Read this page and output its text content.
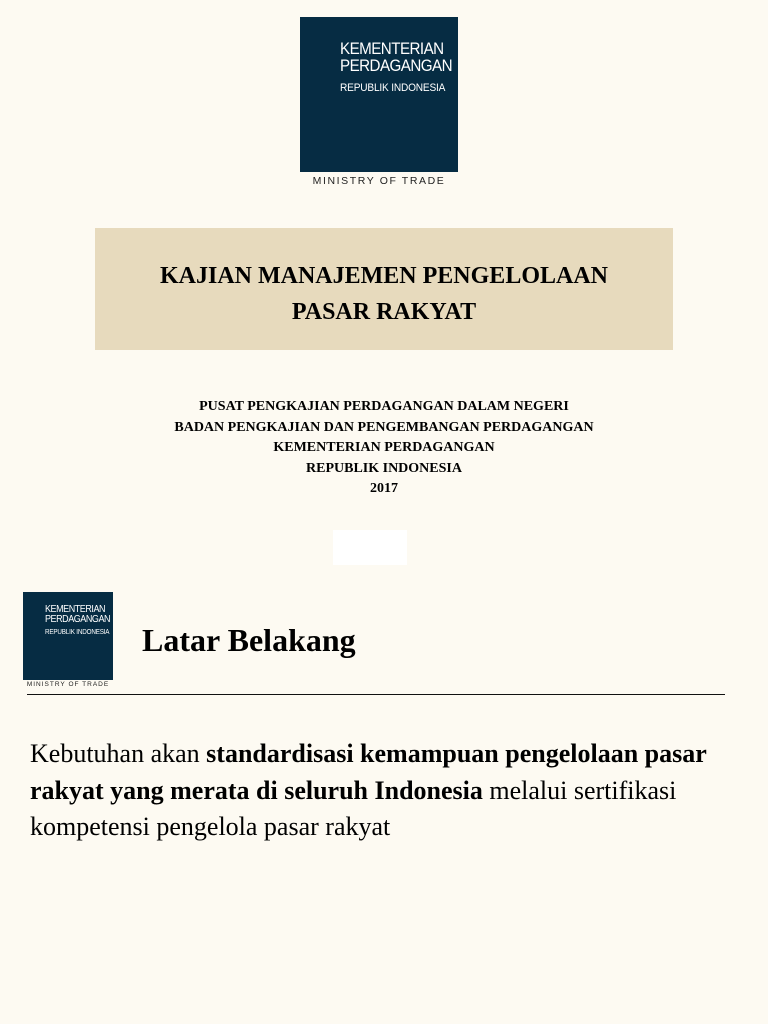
KEMENTERIAN
PERDAGANGAN
REPUBLIK INDONESIA
MINISTRY OF TRADE
KAJIAN MANAJEMEN PENGELOLAAN
PASAR RAKYAT
PUSAT PENGKAJIAN PERDAGANGAN DALAM NEGERI
BADAN PENGKAJIAN DAN PENGEMBANGAN PERDAGANGAN
KEMENTERIAN PERDAGANGAN
REPUBLIK INDONESIA
2017
KEMENTERIAN
PERDAGANGAN
REPUBLIK INDONESIA
MINISTRY OF TRADE
Latar Belakang
Kebutuhan akan standardisasi kemampuan pengelolaan pasar rakyat yang merata di seluruh Indonesia melalui sertifikasi kompetensi pengelola pasar rakyat
